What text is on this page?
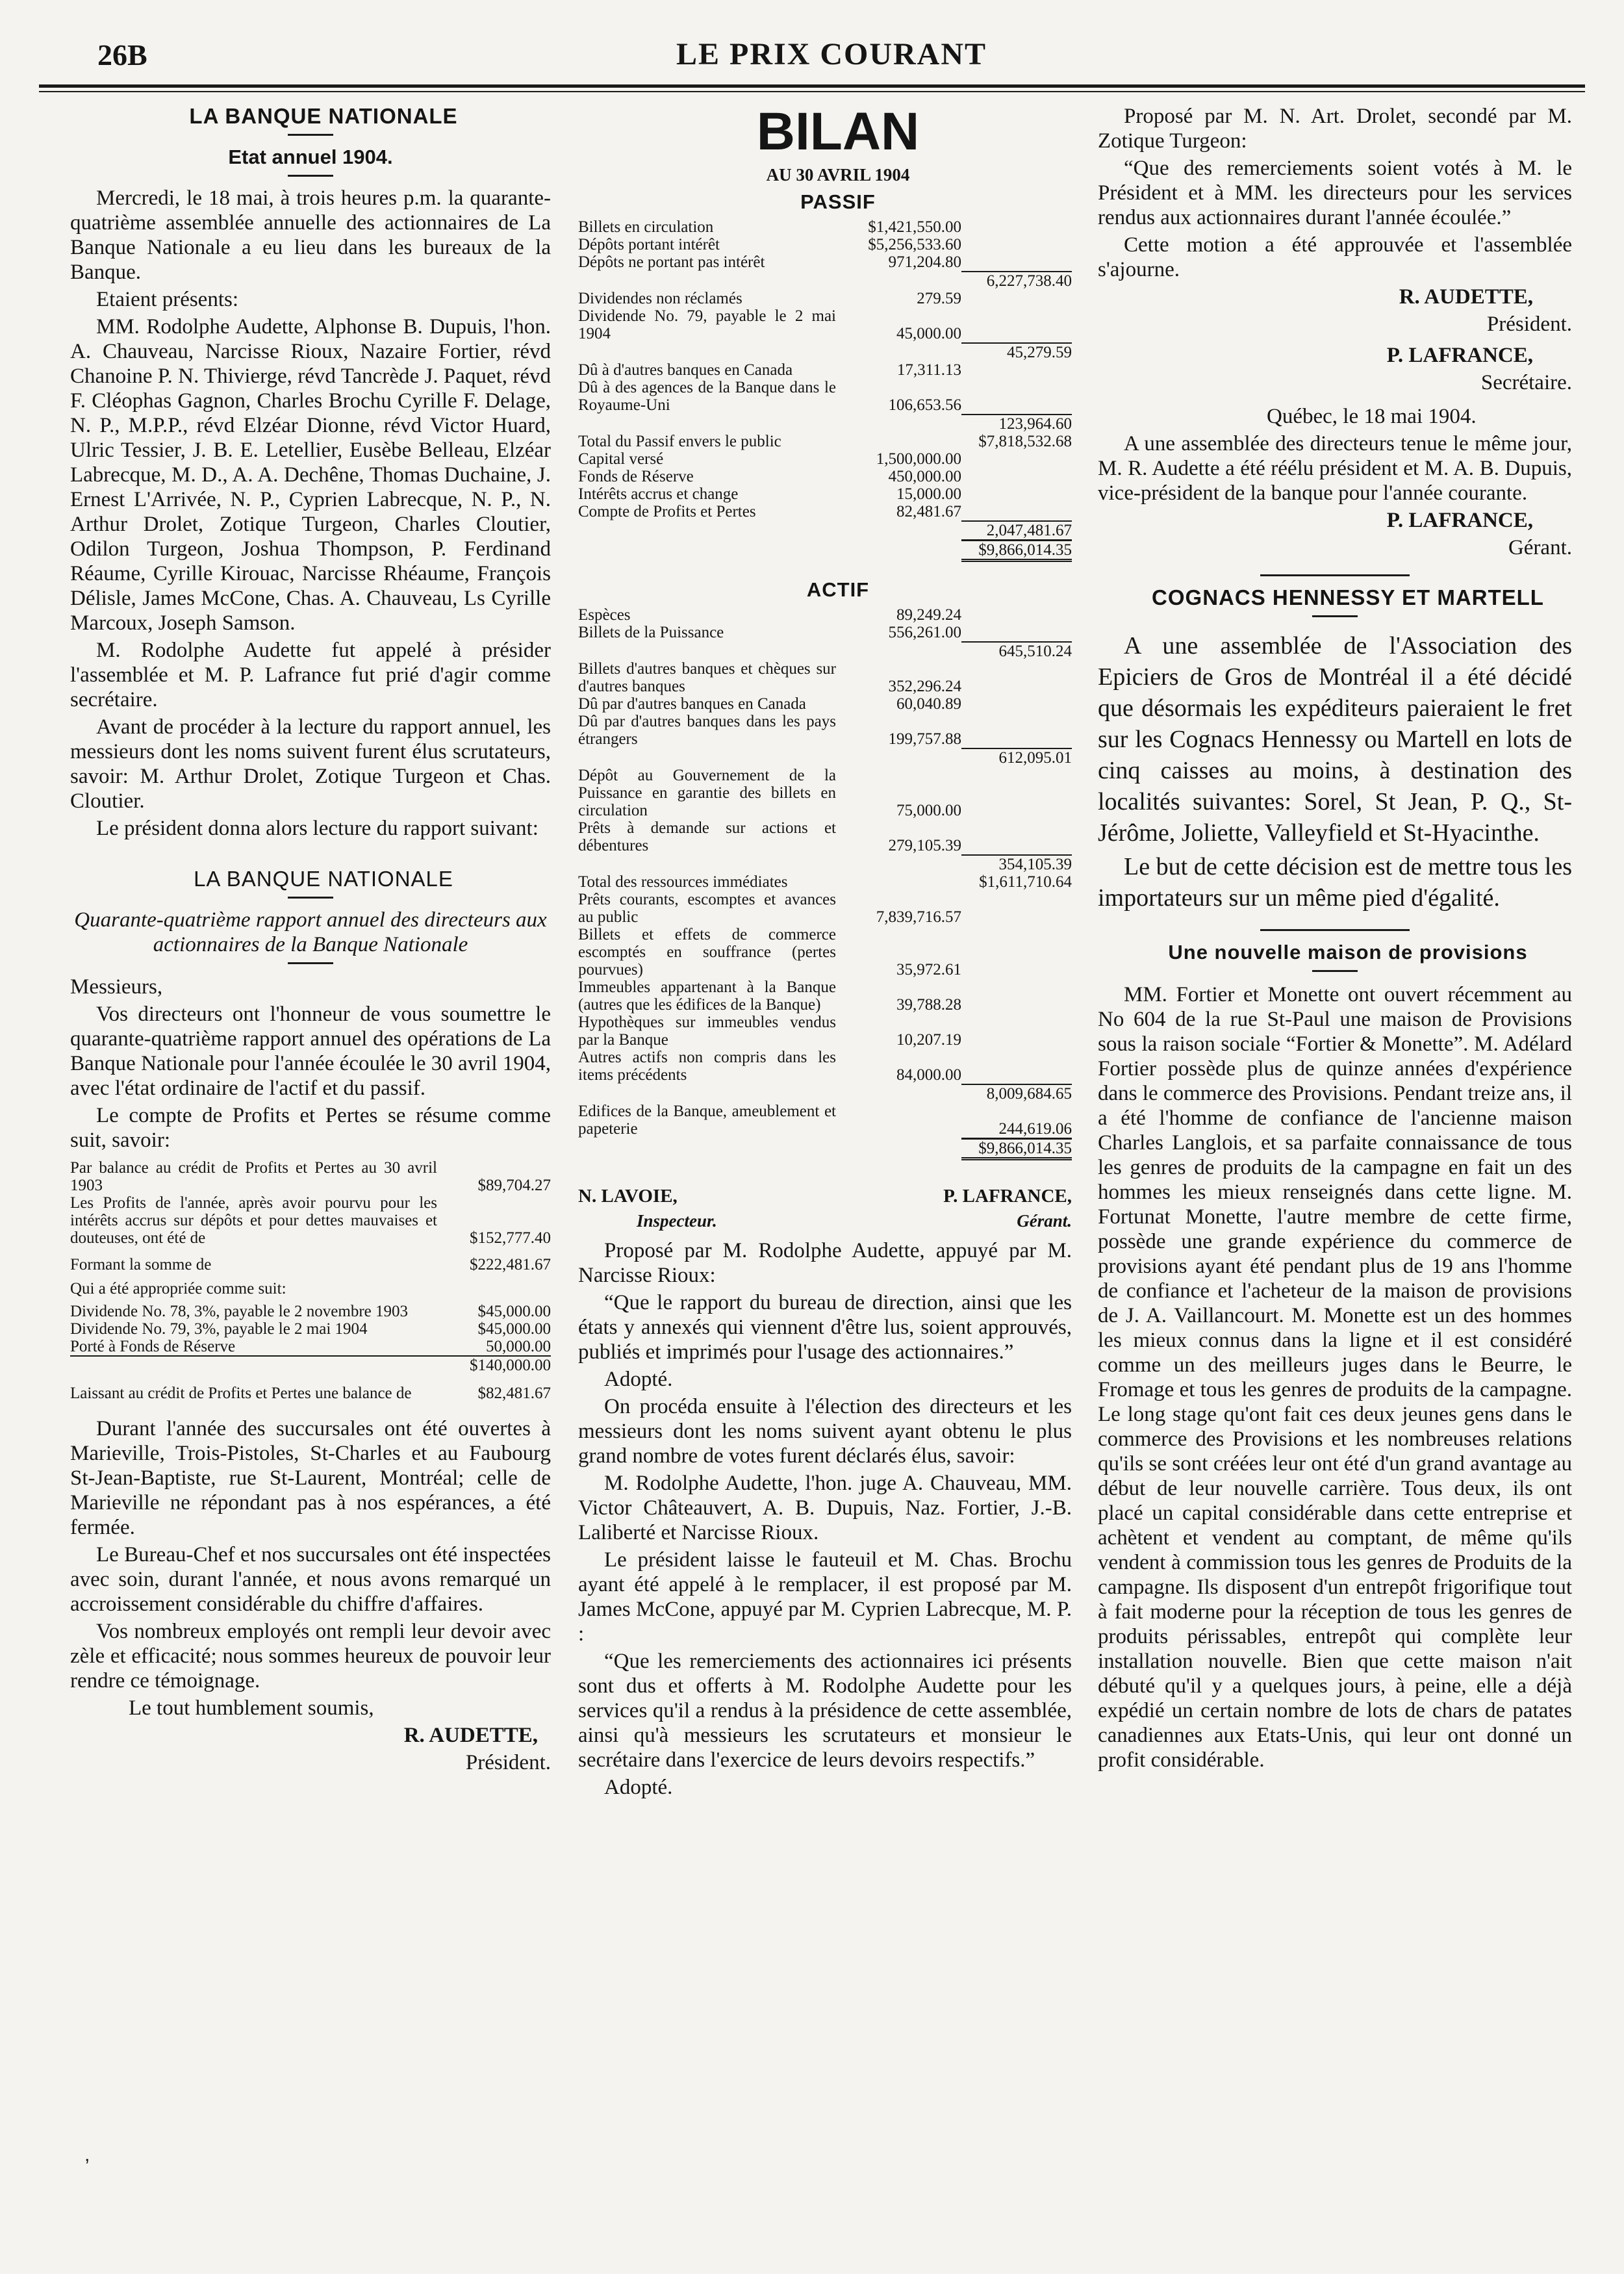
26B	LE PRIX COURANT

LA BANQUE NATIONALE

Etat annuel 1904.

Mercredi, le 18 mai, à trois heures p.m. la quarante-quatrième assemblée annuelle des actionnaires de La Banque Nationale a eu lieu dans les bureaux de la Banque.

Etaient présents:

MM. Rodolphe Audette, Alphonse B. Dupuis, l'hon. A. Chauveau, Narcisse Rioux, Nazaire Fortier, révd Chanoine P. N. Thivierge, révd Tancrède J. Paquet, révd F. Cléophas Gagnon, Charles Brochu Cyrille F. Delage, N. P., M.P.P., révd Elzéar Dionne, révd Victor Huard, Ulric Tessier, J. B. E. Letellier, Eusèbe Belleau, Elzéar Labrecque, M. D., A. A. Dechêne, Thomas Duchaine, J. Ernest L'Arrivée, N. P., Cyprien Labrecque, N. P., N. Arthur Drolet, Zotique Turgeon, Charles Cloutier, Odilon Turgeon, Joshua Thompson, P. Ferdinand Réaume, Cyrille Kirouac, Narcisse Rhéaume, François Délisle, James McCone, Chas. A. Chauveau, Ls Cyrille Marcoux, Joseph Samson.

M. Rodolphe Audette fut appelé à présider l'assemblée et M. P. Lafrance fut prié d'agir comme secrétaire.

Avant de procéder à la lecture du rapport annuel, les messieurs dont les noms suivent furent élus scrutateurs, savoir: M. Arthur Drolet, Zotique Turgeon et Chas. Cloutier.

Le président donna alors lecture du rapport suivant:

LA BANQUE NATIONALE

Quarante-quatrième rapport annuel des directeurs aux actionnaires de la Banque Nationale

Messieurs,

Vos directeurs ont l'honneur de vous soumettre le quarante-quatrième rapport annuel des opérations de La Banque Nationale pour l'année écoulée le 30 avril 1904, avec l'état ordinaire de l'actif et du passif.

Le compte de Profits et Pertes se résume comme suit, savoir:

Par balance au crédit de Profits et Pertes au 30 avril 1903	$89,704.27
Les Profits de l'année, après avoir pourvu pour les intérêts accrus sur dépôts et pour dettes mauvaises et douteuses, ont été de	$152,777.40
Formant la somme de	$222,481.67
Qui a été appropriée comme suit:
Dividende No. 78, 3%, payable le 2 novembre 1903	$45,000.00
Dividende No. 79, 3%, payable le 2 mai 1904	$45,000.00
Porté à Fonds de Réserve	50,000.00
$140,000.00
Laissant au crédit de Profits et Pertes une balance de	$82,481.67

Durant l'année des succursales ont été ouvertes à Marieville, Trois-Pistoles, St-Charles et au Faubourg St-Jean-Baptiste, rue St-Laurent, Montréal; celle de Marieville ne répondant pas à nos espérances, a été fermée.

Le Bureau-Chef et nos succursales ont été inspectées avec soin, durant l'année, et nous avons remarqué un accroissement considérable du chiffre d'affaires.

Vos nombreux employés ont rempli leur devoir avec zèle et efficacité; nous sommes heureux de pouvoir leur rendre ce témoignage.

Le tout humblement soumis,

R. AUDETTE,

Président.

BILAN

AU 30 AVRIL 1904

PASSIF

Billets en circulation	$1,421,550.00
Dépôts portant intérêt	$5,256,533.60
Dépôts ne portant pas intérêt	971,204.80
6,227,738.40
Dividendes non réclamés	279.59
Dividende No. 79, payable le 2 mai 1904	45,000.00
45,279.59
Dû à d'autres banques en Canada	17,311.13
Dû à des agences de la Banque dans le Royaume-Uni	106,653.56
123,964.60
Total du Passif envers le public	$7,818,532.68
Capital versé	1,500,000.00
Fonds de Réserve	450,000.00
Intérêts accrus et change	15,000.00
Compte de Profits et Pertes	82,481.67
2,047,481.67
$9,866,014.35

ACTIF

Espèces	89,249.24
Billets de la Puissance	556,261.00
645,510.24
Billets d'autres banques et chèques sur d'autres banques	352,296.24
Dû par d'autres banques en Canada	60,040.89
Dû par d'autres banques dans les pays étrangers	199,757.88
612,095.01
Dépôt au Gouvernement de la Puissance en garantie des billets en circulation	75,000.00
Prêts à demande sur actions et débentures	279,105.39
354,105.39
Total des ressources immédiates	$1,611,710.64
Prêts courants, escomptes et avances au public	7,839,716.57
Billets et effets de commerce escomptés en souffrance (pertes pourvues)	35,972.61
Immeubles appartenant à la Banque (autres que les édifices de la Banque)	39,788.28
Hypothèques sur immeubles vendus par la Banque	10,207.19
Autres actifs non compris dans les items précédents	84,000.00
8,009,684.65
Edifices de la Banque, ameublement et papeterie	244,619.06
$9,866,014.35
N. LAVOIE,	P. LAFRANCE,
Inspecteur.	Gérant.

Proposé par M. Rodolphe Audette, appuyé par M. Narcisse Rioux:

“Que le rapport du bureau de direction, ainsi que les états y annexés qui viennent d'être lus, soient approuvés, publiés et imprimés pour l'usage des actionnaires.”

Adopté.

On procéda ensuite à l'élection des directeurs et les messieurs dont les noms suivent ayant obtenu le plus grand nombre de votes furent déclarés élus, savoir:

M. Rodolphe Audette, l'hon. juge A. Chauveau, MM. Victor Châteauvert, A. B. Dupuis, Naz. Fortier, J.-B. Laliberté et Narcisse Rioux.

Le président laisse le fauteuil et M. Chas. Brochu ayant été appelé à le remplacer, il est proposé par M. James McCone, appuyé par M. Cyprien Labrecque, M. P. :

“Que les remerciements des actionnaires ici présents sont dus et offerts à M. Rodolphe Audette pour les services qu'il a rendus à la présidence de cette assemblée, ainsi qu'à messieurs les scrutateurs et monsieur le secrétaire dans l'exercice de leurs devoirs respectifs.”

Adopté.

Proposé par M. N. Art. Drolet, secondé par M. Zotique Turgeon:

“Que des remerciements soient votés à M. le Président et à MM. les directeurs pour les services rendus aux actionnaires durant l'année écoulée.”

Cette motion a été approuvée et l'assemblée s'ajourne.

R. AUDETTE,

Président.

P. LAFRANCE,

Secrétaire.

Québec, le 18 mai 1904.

A une assemblée des directeurs tenue le même jour, M. R. Audette a été réélu président et M. A. B. Dupuis, vice-président de la banque pour l'année courante.

P. LAFRANCE,

Gérant.

COGNACS HENNESSY ET MARTELL

A une assemblée de l'Association des Epiciers de Gros de Montréal il a été décidé que désormais les expéditeurs paieraient le fret sur les Cognacs Hennessy ou Martell en lots de cinq caisses au moins, à destination des localités suivantes: Sorel, St Jean, P. Q., St-Jérôme, Joliette, Valleyfield et St-Hyacinthe.

Le but de cette décision est de mettre tous les importateurs sur un même pied d'égalité.

Une nouvelle maison de provisions

MM. Fortier et Monette ont ouvert récemment au No 604 de la rue St-Paul une maison de Provisions sous la raison sociale “Fortier & Monette”. M. Adélard Fortier possède plus de quinze années d'expérience dans le commerce des Provisions. Pendant treize ans, il a été l'homme de confiance de l'ancienne maison Charles Langlois, et sa parfaite connaissance de tous les genres de produits de la campagne en fait un des hommes les mieux renseignés dans cette ligne. M. Fortunat Monette, l'autre membre de cette firme, possède une grande expérience du commerce de provisions ayant été pendant plus de 19 ans l'homme de confiance et l'acheteur de la maison de provisions de J. A. Vaillancourt. M. Monette est un des hommes les mieux connus dans la ligne et il est considéré comme un des meilleurs juges dans le Beurre, le Fromage et tous les genres de produits de la campagne. Le long stage qu'ont fait ces deux jeunes gens dans le commerce des Provisions et les nombreuses relations qu'ils se sont créées leur ont été d'un grand avantage au début de leur nouvelle carrière. Tous deux, ils ont placé un capital considérable dans cette entreprise et achètent et vendent au comptant, de même qu'ils vendent à commission tous les genres de Produits de la campagne. Ils disposent d'un entrepôt frigorifique tout à fait moderne pour la réception de tous les genres de produits périssables, entrepôt qui complète leur installation nouvelle. Bien que cette maison n'ait débuté qu'il y a quelques jours, à peine, elle a déjà expédié un certain nombre de lots de chars de patates canadiennes aux Etats-Unis, qui leur ont donné un profit considérable.

,
